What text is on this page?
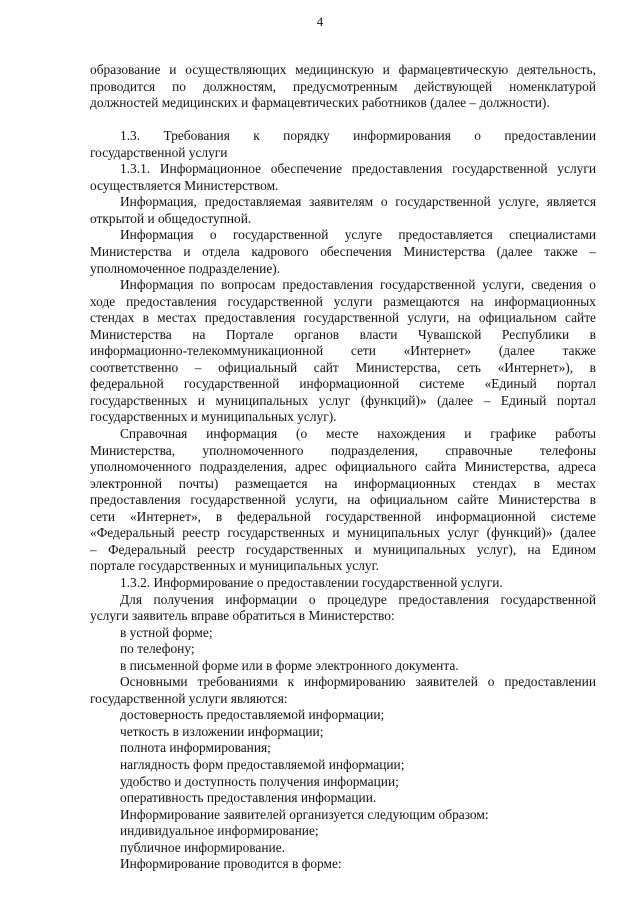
4
образование и осуществляющих медицинскую и фармацевтическую деятельность,
проводится по должностям, предусмотренным действующей номенклатурой
должностей медицинских и фармацевтических работников (далее – должности).
1.3. Требования к порядку информирования о предоставлении
государственной услуги
1.3.1. Информационное обеспечение предоставления государственной услуги
осуществляется Министерством.
Информация, предоставляемая заявителям о государственной услуге, является
открытой и общедоступной.
Информация о государственной услуге предоставляется специалистами
Министерства и отдела кадрового обеспечения Министерства (далее также –
уполномоченное подразделение).
Информация по вопросам предоставления государственной услуги, сведения о
ходе предоставления государственной услуги размещаются на информационных
стендах в местах предоставления государственной услуги, на официальном сайте
Министерства на Портале органов власти Чувашской Республики в
информационно-телекоммуникационной сети «Интернет» (далее также
соответственно – официальный сайт Министерства, сеть «Интернет»), в
федеральной государственной информационной системе «Единый портал
государственных и муниципальных услуг (функций)» (далее – Единый портал
государственных и муниципальных услуг).
Справочная информация (о месте нахождения и графике работы
Министерства, уполномоченного подразделения, справочные телефоны
уполномоченного подразделения, адрес официального сайта Министерства, адреса
электронной почты) размещается на информационных стендах в местах
предоставления государственной услуги, на официальном сайте Министерства в
сети «Интернет», в федеральной государственной информационной системе
«Федеральный реестр государственных и муниципальных услуг (функций)» (далее
– Федеральный реестр государственных и муниципальных услуг), на Едином
портале государственных и муниципальных услуг.
1.3.2. Информирование о предоставлении государственной услуги.
Для получения информации о процедуре предоставления государственной
услуги заявитель вправе обратиться в Министерство:
в устной форме;
по телефону;
в письменной форме или в форме электронного документа.
Основными требованиями к информированию заявителей о предоставлении
государственной услуги являются:
достоверность предоставляемой информации;
четкость в изложении информации;
полнота информирования;
наглядность форм предоставляемой информации;
удобство и доступность получения информации;
оперативность предоставления информации.
Информирование заявителей организуется следующим образом:
индивидуальное информирование;
публичное информирование.
Информирование проводится в форме:
